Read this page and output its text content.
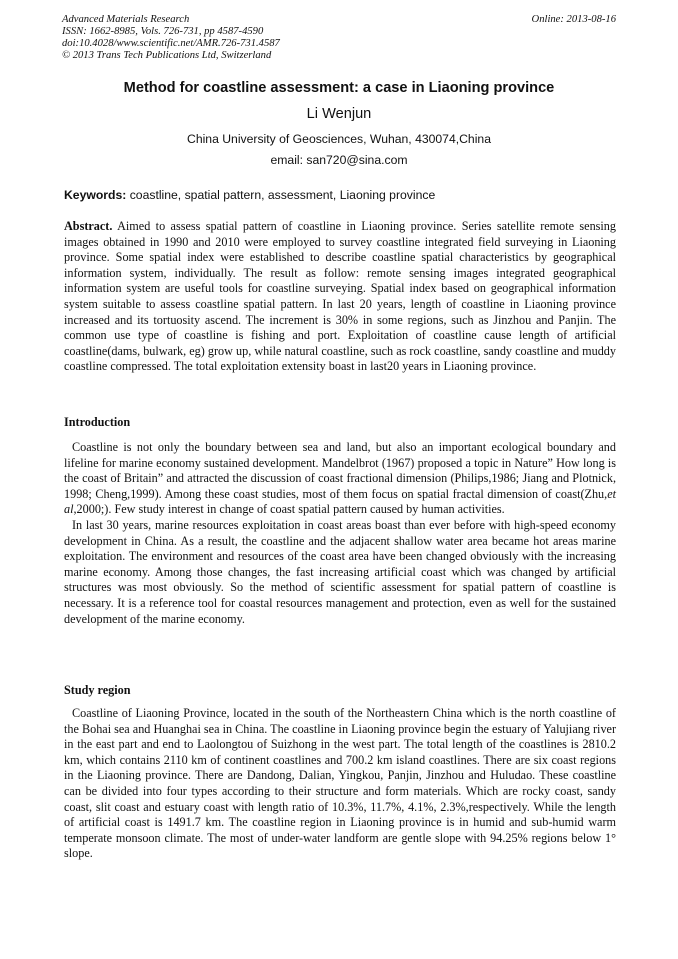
Advanced Materials Research
ISSN: 1662-8985, Vols. 726-731, pp 4587-4590
doi:10.4028/www.scientific.net/AMR.726-731.4587
© 2013 Trans Tech Publications Ltd, Switzerland
Online: 2013-08-16
Method for coastline assessment: a case in Liaoning province
Li Wenjun
China University of Geosciences, Wuhan, 430074,China
email: san720@sina.com
Keywords: coastline, spatial pattern, assessment, Liaoning province
Abstract. Aimed to assess spatial pattern of coastline in Liaoning province. Series satellite remote sensing images obtained in 1990 and 2010 were employed to survey coastline integrated field surveying in Liaoning province. Some spatial index were established to describe coastline spatial characteristics by geographical information system, individually. The result as follow: remote sensing images integrated geographical information system are useful tools for coastline surveying. Spatial index based on geographical information system suitable to assess coastline spatial pattern. In last 20 years, length of coastline in Liaoning province increased and its tortuosity ascend. The increment is 30% in some regions, such as Jinzhou and Panjin. The common use type of coastline is fishing and port. Exploitation of coastline cause length of artificial coastline(dams, bulwark, eg) grow up, while natural coastline, such as rock coastline, sandy coastline and muddy coastline compressed. The total exploitation extensity boast in last20 years in Liaoning province.
Introduction

Coastline is not only the boundary between sea and land, but also an important ecological boundary and lifeline for marine economy sustained development. Mandelbrot (1967) proposed a topic in Nature” How long is the coast of Britain” and attracted the discussion of coast fractional dimension (Philips,1986; Jiang and Plotnick, 1998; Cheng,1999). Among these coast studies, most of them focus on spatial fractal dimension of coast(Zhu,et al,2000;). Few study interest in change of coast spatial pattern caused by human activities.

In last 30 years, marine resources exploitation in coast areas boast than ever before with high-speed economy development in China. As a result, the coastline and the adjacent shallow water area became hot areas marine exploitation. The environment and resources of the coast area have been changed obviously with the increasing marine economy. Among those changes, the fast increasing artificial coast which was changed by artificial structures was most obviously. So the method of scientific assessment for spatial pattern of coastline is necessary. It is a reference tool for coastal resources management and protection, even as well for the sustained development of the marine economy.

Study region

Coastline of Liaoning Province, located in the south of the Northeastern China which is the north coastline of the Bohai sea and Huanghai sea in China. The coastline in Liaoning province begin the estuary of Yalujiang river in the east part and end to Laolongtou of Suizhong in the west part. The total length of the coastlines is 2810.2 km, which contains 2110 km of continent coastlines and 700.2 km island coastlines. There are six coast regions in the Liaoning province. There are Dandong, Dalian, Yingkou, Panjin, Jinzhou and Huludao. These coastline can be divided into four types according to their structure and form materials. Which are rocky coast, sandy coast, slit coast and estuary coast with length ratio of 10.3%, 11.7%, 4.1%, 2.3%,respectively. While the length of artificial coast is 1491.7 km. The coastline region in Liaoning province is in humid and sub-humid warm temperate monsoon climate. The most of under-water landform are gentle slope with 94.25% regions below 1° slope.
